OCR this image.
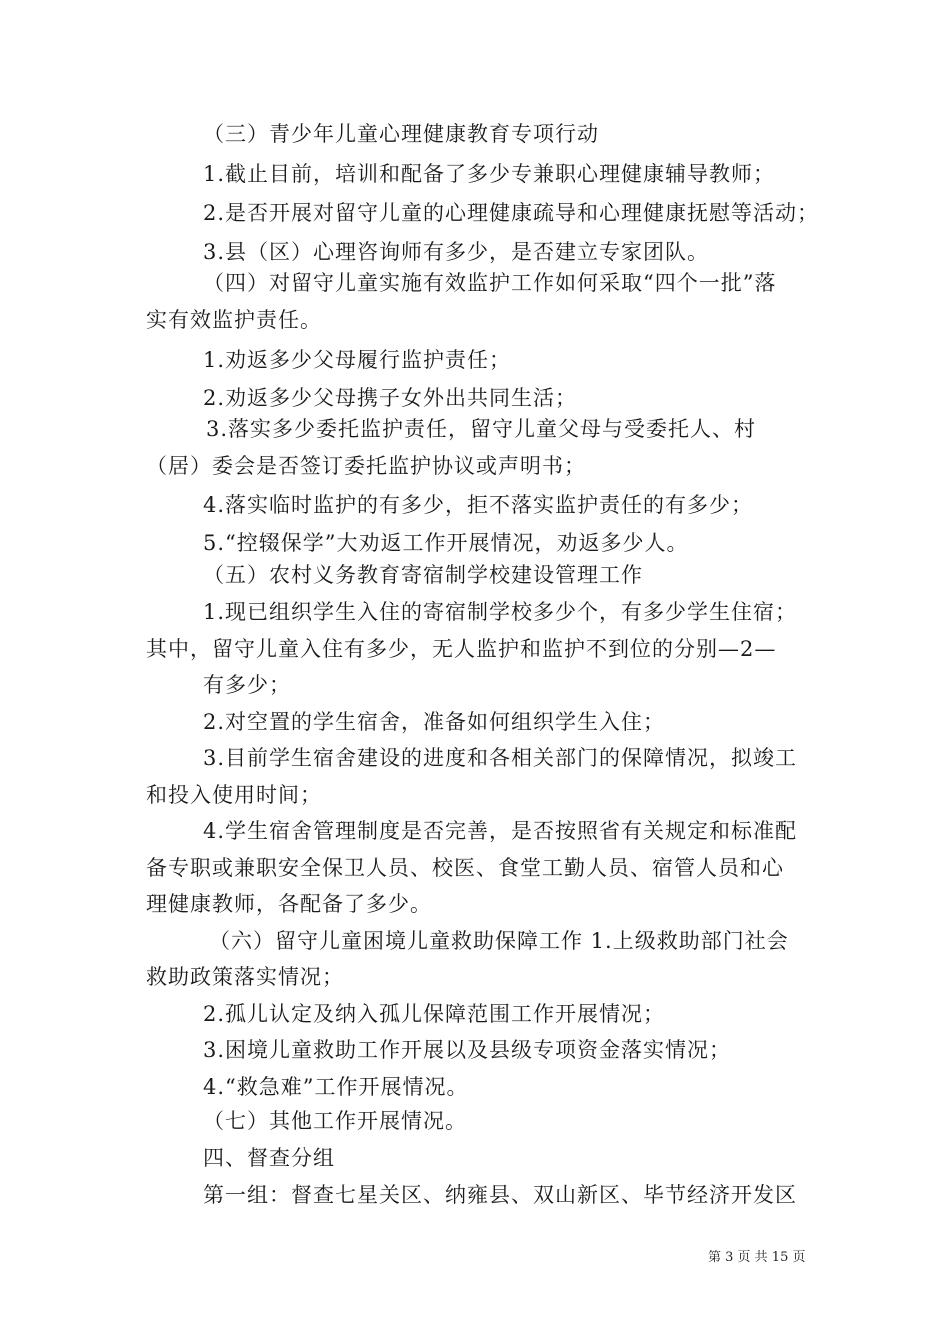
（三）青少年儿童心理健康教育专项行动
1.截止目前，培训和配备了多少专兼职心理健康辅导教师；
2.是否开展对留守儿童的心理健康疏导和心理健康抚慰等活动；
3.县（区）心理咨询师有多少，是否建立专家团队。
（四）对留守儿童实施有效监护工作如何采取“四个一批”落
实有效监护责任。
1.劝返多少父母履行监护责任；
2.劝返多少父母携子女外出共同生活；
3.落实多少委托监护责任，留守儿童父母与受委托人、村
（居）委会是否签订委托监护协议或声明书；
4.落实临时监护的有多少，拒不落实监护责任的有多少；
5.“控辍保学”大劝返工作开展情况，劝返多少人。
（五）农村义务教育寄宿制学校建设管理工作
1.现已组织学生入住的寄宿制学校多少个，有多少学生住宿；
其中，留守儿童入住有多少，无人监护和监护不到位的分别—2—
有多少；
2.对空置的学生宿舍，准备如何组织学生入住；
3.目前学生宿舍建设的进度和各相关部门的保障情况，拟竣工
和投入使用时间；
4.学生宿舍管理制度是否完善，是否按照省有关规定和标准配
备专职或兼职安全保卫人员、校医、食堂工勤人员、宿管人员和心
理健康教师，各配备了多少。
（六）留守儿童困境儿童救助保障工作 1.上级救助部门社会
救助政策落实情况；
2.孤儿认定及纳入孤儿保障范围工作开展情况；
3.困境儿童救助工作开展以及县级专项资金落实情况；
4.“救急难”工作开展情况。
（七）其他工作开展情况。
四、督查分组
第一组：督查七星关区、纳雍县、双山新区、毕节经济开发区
第 3 页 共 15 页
